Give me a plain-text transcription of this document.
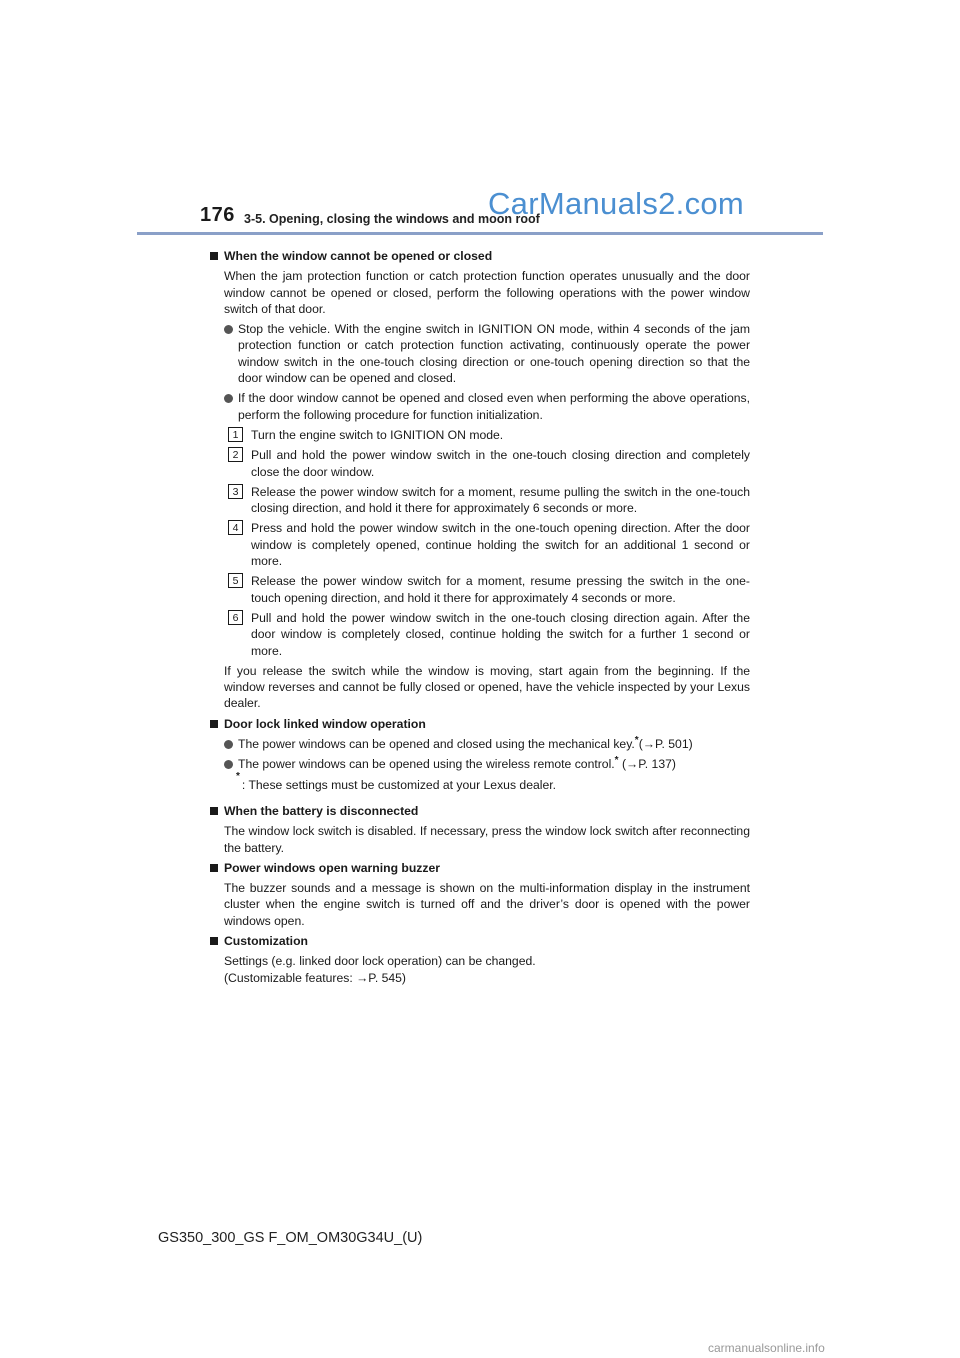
176 3-5. Opening, closing the windows and moon roof
CarManuals2.com
When the window cannot be opened or closed
When the jam protection function or catch protection function operates unusually and the door window cannot be opened or closed, perform the following operations with the power window switch of that door.
Stop the vehicle. With the engine switch in IGNITION ON mode, within 4 seconds of the jam protection function or catch protection function activating, continuously operate the power window switch in the one-touch closing direction or one-touch opening direction so that the door window can be opened and closed.
If the door window cannot be opened and closed even when performing the above operations, perform the following procedure for function initialization.
1	Turn the engine switch to IGNITION ON mode.
2	Pull and hold the power window switch in the one-touch closing direction and completely close the door window.
3	Release the power window switch for a moment, resume pulling the switch in the one-touch closing direction, and hold it there for approximately 6 seconds or more.
4	Press and hold the power window switch in the one-touch opening direction. After the door window is completely opened, continue holding the switch for an additional 1 second or more.
5	Release the power window switch for a moment, resume pressing the switch in the one-touch opening direction, and hold it there for approximately 4 seconds or more.
6	Pull and hold the power window switch in the one-touch closing direction again. After the door window is completely closed, continue holding the switch for a further 1 second or more.
If you release the switch while the window is moving, start again from the beginning. If the window reverses and cannot be fully closed or opened, have the vehicle inspected by your Lexus dealer.
Door lock linked window operation
The power windows can be opened and closed using the mechanical key.*(→P. 501)
The power windows can be opened using the wireless remote control.* (→P. 137)
*
: These settings must be customized at your Lexus dealer.
When the battery is disconnected
The window lock switch is disabled. If necessary, press the window lock switch after reconnecting the battery.
Power windows open warning buzzer
The buzzer sounds and a message is shown on the multi-information display in the instrument cluster when the engine switch is turned off and the driver’s door is opened with the power windows open.
Customization
Settings (e.g. linked door lock operation) can be changed.
(Customizable features: →P. 545)
GS350_300_GS F_OM_OM30G34U_(U)
carmanualsonline.info
